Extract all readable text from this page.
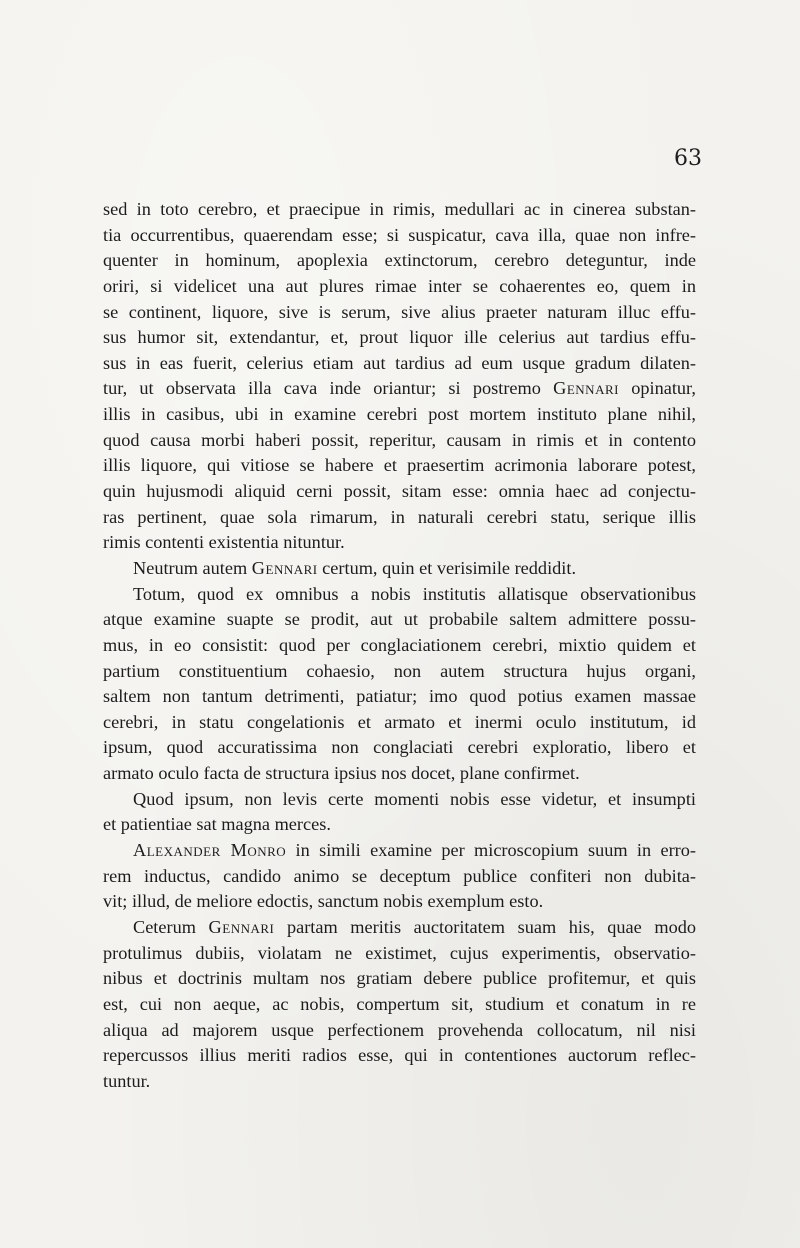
63
sed in toto cerebro, et praecipue in rimis, medullari ac in cinerea substan-
tia occurrentibus, quaerendam esse; si suspicatur, cava illa, quae non infre-
quenter in hominum, apoplexia extinctorum, cerebro deteguntur, inde
oriri, si videlicet una aut plures rimae inter se cohaerentes eo, quem in
se continent, liquore, sive is serum, sive alius praeter naturam illuc effu-
sus humor sit, extendantur, et, prout liquor ille celerius aut tardius effu-
sus in eas fuerit, celerius etiam aut tardius ad eum usque gradum dilaten-
tur, ut observata illa cava inde oriantur; si postremo Gennari opinatur,
illis in casibus, ubi in examine cerebri post mortem instituto plane nihil,
quod causa morbi haberi possit, reperitur, causam in rimis et in contento
illis liquore, qui vitiose se habere et praesertim acrimonia laborare potest,
quin hujusmodi aliquid cerni possit, sitam esse: omnia haec ad conjectu-
ras pertinent, quae sola rimarum, in naturali cerebri statu, serique illis
rimis contenti existentia nituntur.
Neutrum autem Gennari certum, quin et verisimile reddidit.
Totum, quod ex omnibus a nobis institutis allatisque observationibus
atque examine suapte se prodit, aut ut probabile saltem admittere possu-
mus, in eo consistit: quod per conglaciationem cerebri, mixtio quidem et
partium constituentium cohaesio, non autem structura hujus organi,
saltem non tantum detrimenti, patiatur; imo quod potius examen massae
cerebri, in statu congelationis et armato et inermi oculo institutum, id
ipsum, quod accuratissima non conglaciati cerebri exploratio, libero et
armato oculo facta de structura ipsius nos docet, plane confirmet.
Quod ipsum, non levis certe momenti nobis esse videtur, et insumpti
et patientiae sat magna merces.
Alexander Monro in simili examine per microscopium suum in erro-
rem inductus, candido animo se deceptum publice confiteri non dubita-
vit; illud, de meliore edoctis, sanctum nobis exemplum esto.
Ceterum Gennari partam meritis auctoritatem suam his, quae modo
protulimus dubiis, violatam ne existimet, cujus experimentis, observatio-
nibus et doctrinis multam nos gratiam debere publice profitemur, et quis
est, cui non aeque, ac nobis, compertum sit, studium et conatum in re
aliqua ad majorem usque perfectionem provehenda collocatum, nil nisi
repercussos illius meriti radios esse, qui in contentiones auctorum reflec-
tuntur.
